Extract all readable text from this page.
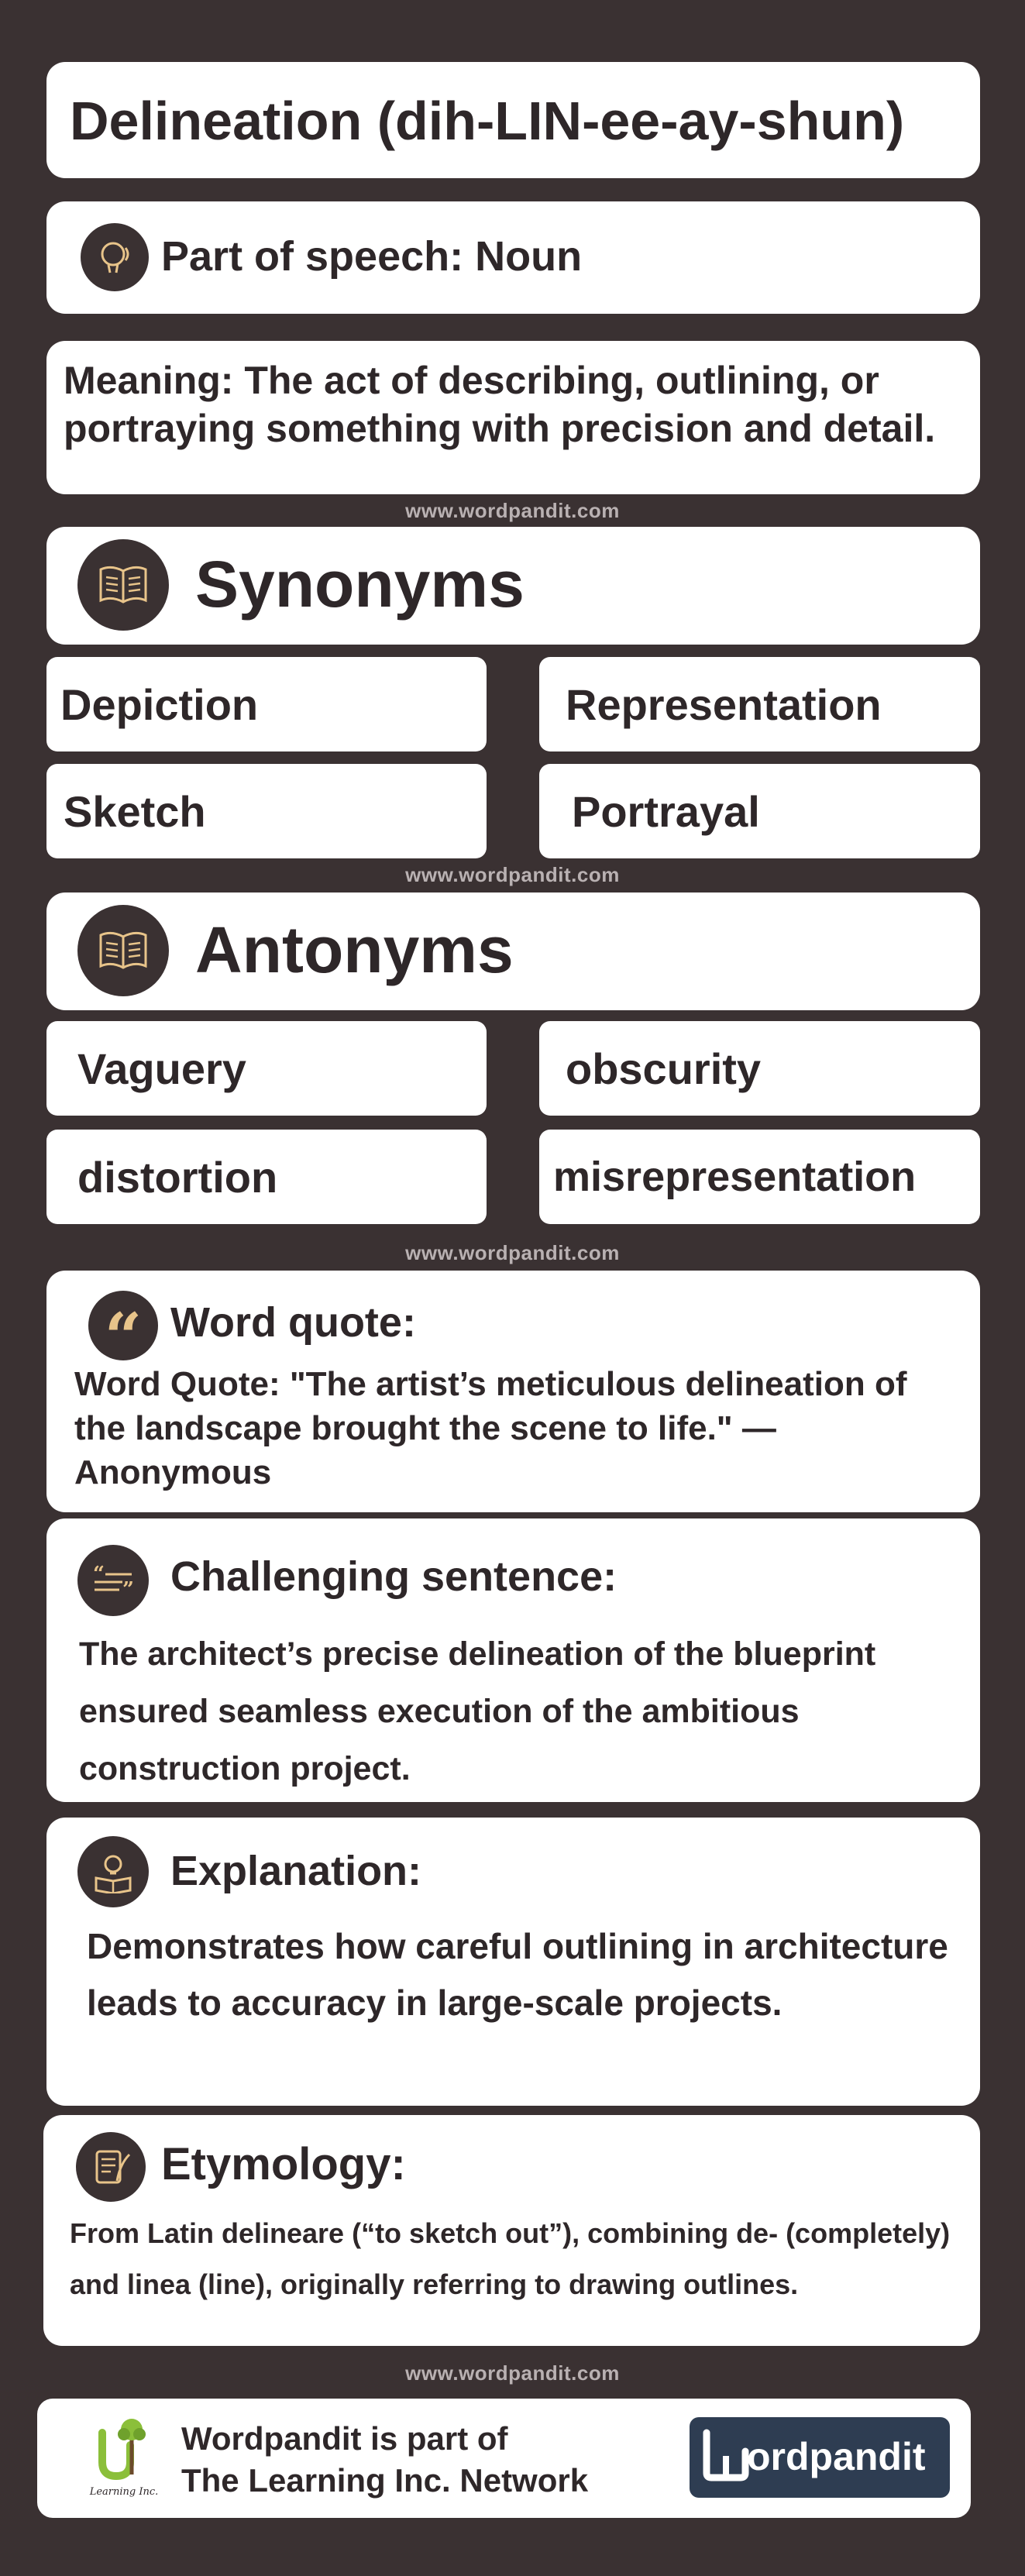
Delineation (dih-LIN-ee-ay-shun)
Part of speech: Noun
Meaning: The act of describing, outlining, or portraying something with precision and detail.
www.wordpandit.com
Synonyms
Depiction	Representation
Sketch	Portrayal
www.wordpandit.com
Antonyms
Vaguery	obscurity
distortion	misrepresentation
www.wordpandit.com
“ Word quote:
Word Quote: "The artist’s meticulous delineation of the landscape brought the scene to life." — Anonymous
“
” Challenging sentence:
The architect’s precise delineation of the blueprint ensured seamless execution of the ambitious construction project.
Explanation:
Demonstrates how careful outlining in architecture leads to accuracy in large-scale projects.
Etymology:
From Latin delineare (“to sketch out”), combining de- (completely) and linea (line), originally referring to drawing outlines.
www.wordpandit.com
Learning Inc.
Wordpandit is part of
The Learning Inc. Network
ordpandit
